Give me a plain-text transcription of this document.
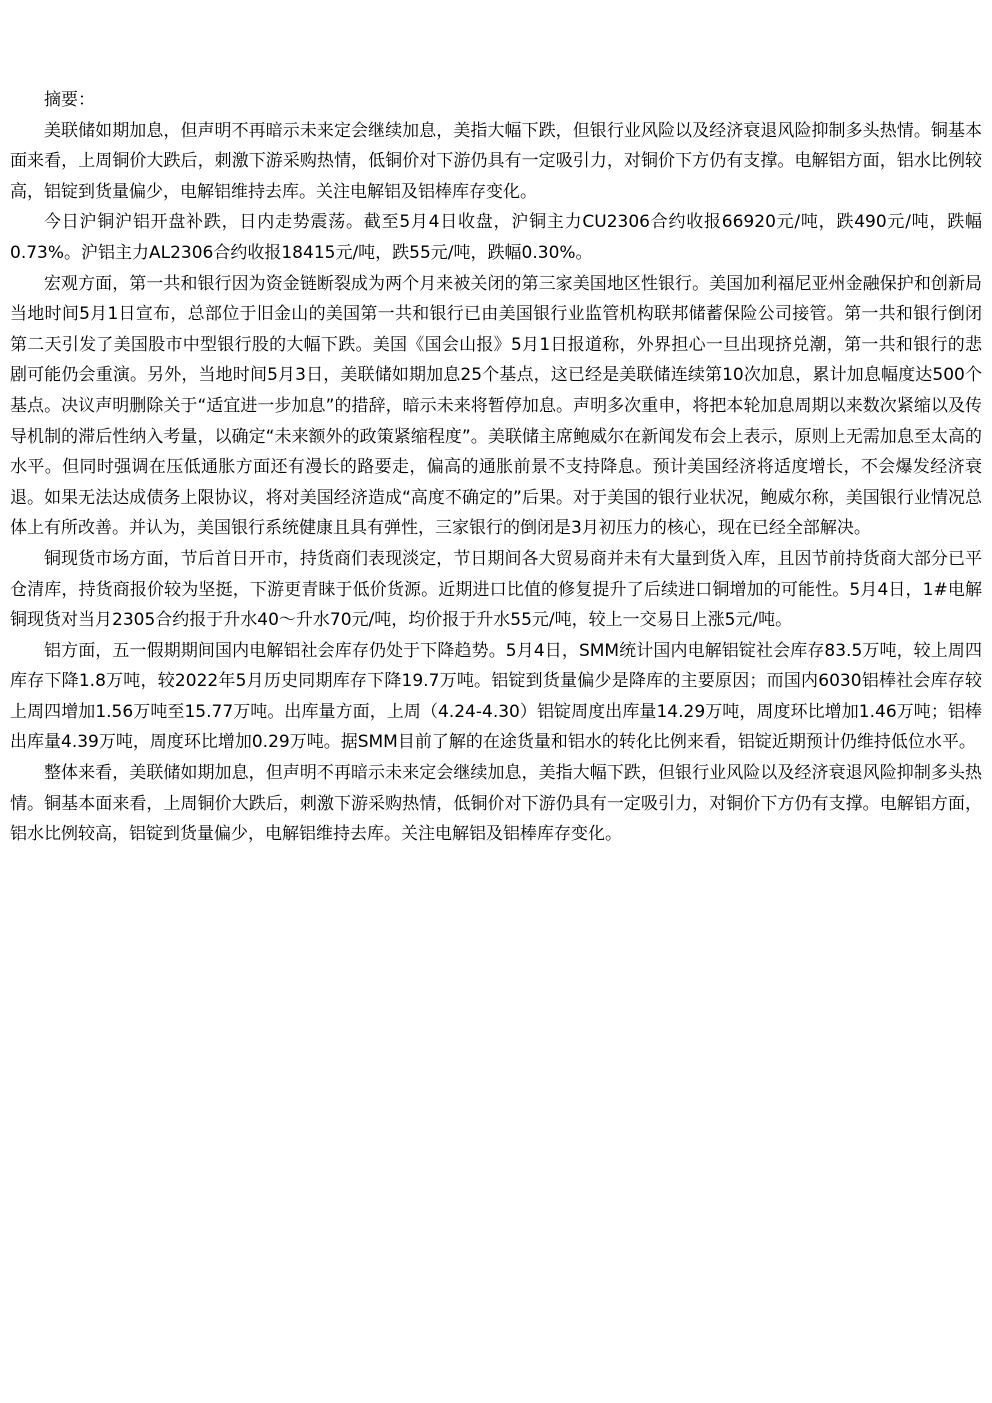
摘要：

美联储如期加息，但声明不再暗示未来定会继续加息，美指大幅下跌，但银行业风险以及经济衰退风险抑制多头热情。铜基本面来看，上周铜价大跌后，刺激下游采购热情，低铜价对下游仍具有一定吸引力，对铜价下方仍有支撑。电解铝方面，铝水比例较高，铝锭到货量偏少，电解铝维持去库。关注电解铝及铝棒库存变化。

今日沪铜沪铝开盘补跌，日内走势震荡。截至5月4日收盘，沪铜主力CU2306合约收报66920元/吨，跌490元/吨，跌幅0.73%。沪铝主力AL2306合约收报18415元/吨，跌55元/吨，跌幅0.30%。

宏观方面，第一共和银行因为资金链断裂成为两个月来被关闭的第三家美国地区性银行。美国加利福尼亚州金融保护和创新局当地时间5月1日宣布，总部位于旧金山的美国第一共和银行已由美国银行业监管机构联邦储蓄保险公司接管。第一共和银行倒闭第二天引发了美国股市中型银行股的大幅下跌。美国《国会山报》5月1日报道称，外界担心一旦出现挤兑潮，第一共和银行的悲剧可能仍会重演。另外，当地时间5月3日，美联储如期加息25个基点，这已经是美联储连续第10次加息，累计加息幅度达500个基点。决议声明删除关于“适宜进一步加息”的措辞，暗示未来将暂停加息。声明多次重申，将把本轮加息周期以来数次紧缩以及传导机制的滞后性纳入考量，以确定“未来额外的政策紧缩程度”。美联储主席鲍威尔在新闻发布会上表示，原则上无需加息至太高的水平。但同时强调在压低通胀方面还有漫长的路要走，偏高的通胀前景不支持降息。预计美国经济将适度增长，不会爆发经济衰退。如果无法达成债务上限协议，将对美国经济造成“高度不确定的”后果。对于美国的银行业状况，鲍威尔称，美国银行业情况总体上有所改善。并认为，美国银行系统健康且具有弹性，三家银行的倒闭是3月初压力的核心，现在已经全部解决。

铜现货市场方面，节后首日开市，持货商们表现淡定，节日期间各大贸易商并未有大量到货入库，且因节前持货商大部分已平仓清库，持货商报价较为坚挺，下游更青睐于低价货源。近期进口比值的修复提升了后续进口铜增加的可能性。5月4日，1#电解铜现货对当月2305合约报于升水40～升水70元/吨，均价报于升水55元/吨，较上一交易日上涨5元/吨。

铝方面，五一假期期间国内电解铝社会库存仍处于下降趋势。5月4日，SMM统计国内电解铝锭社会库存83.5万吨，较上周四库存下降1.8万吨，较2022年5月历史同期库存下降19.7万吨。铝锭到货量偏少是降库的主要原因；而国内6030铝棒社会库存较上周四增加1.56万吨至15.77万吨。出库量方面，上周（4.24-4.30）铝锭周度出库量14.29万吨，周度环比增加1.46万吨；铝棒出库量4.39万吨，周度环比增加0.29万吨。据SMM目前了解的在途货量和铝水的转化比例来看，铝锭近期预计仍维持低位水平。

整体来看，美联储如期加息，但声明不再暗示未来定会继续加息，美指大幅下跌，但银行业风险以及经济衰退风险抑制多头热情。铜基本面来看，上周铜价大跌后，刺激下游采购热情，低铜价对下游仍具有一定吸引力，对铜价下方仍有支撑。电解铝方面，铝水比例较高，铝锭到货量偏少，电解铝维持去库。关注电解铝及铝棒库存变化。
